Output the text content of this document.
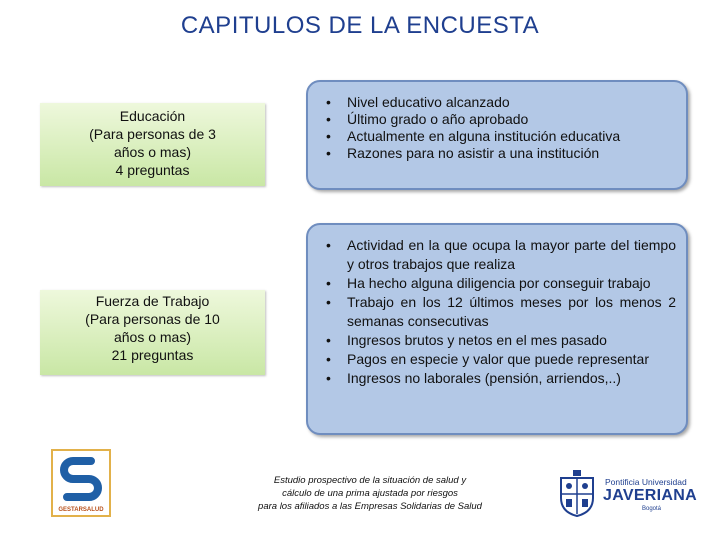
CAPITULOS DE LA ENCUESTA
Educación
(Para personas de 3
años o mas)
4 preguntas
• Nivel educativo alcanzado
• Último grado o año aprobado
• Actualmente en alguna institución educativa
• Razones para no asistir a una institución
Fuerza de Trabajo
(Para personas de 10
años o mas)
21 preguntas
• Actividad en la que ocupa la mayor parte del tiempo y otros trabajos que realiza
• Ha hecho alguna diligencia por conseguir trabajo
• Trabajo en los 12 últimos meses por los menos 2 semanas consecutivas
• Ingresos brutos y netos en el mes pasado
• Pagos en especie y valor que puede representar
• Ingresos no laborales (pensión, arriendos,..)
GESTARSALUD
Estudio prospectivo de la situación de salud y
cálculo de una prima ajustada por riesgos
para los afiliados a las Empresas Solidarias de Salud
Pontificia Universidad
JAVERIANA
Bogotá
